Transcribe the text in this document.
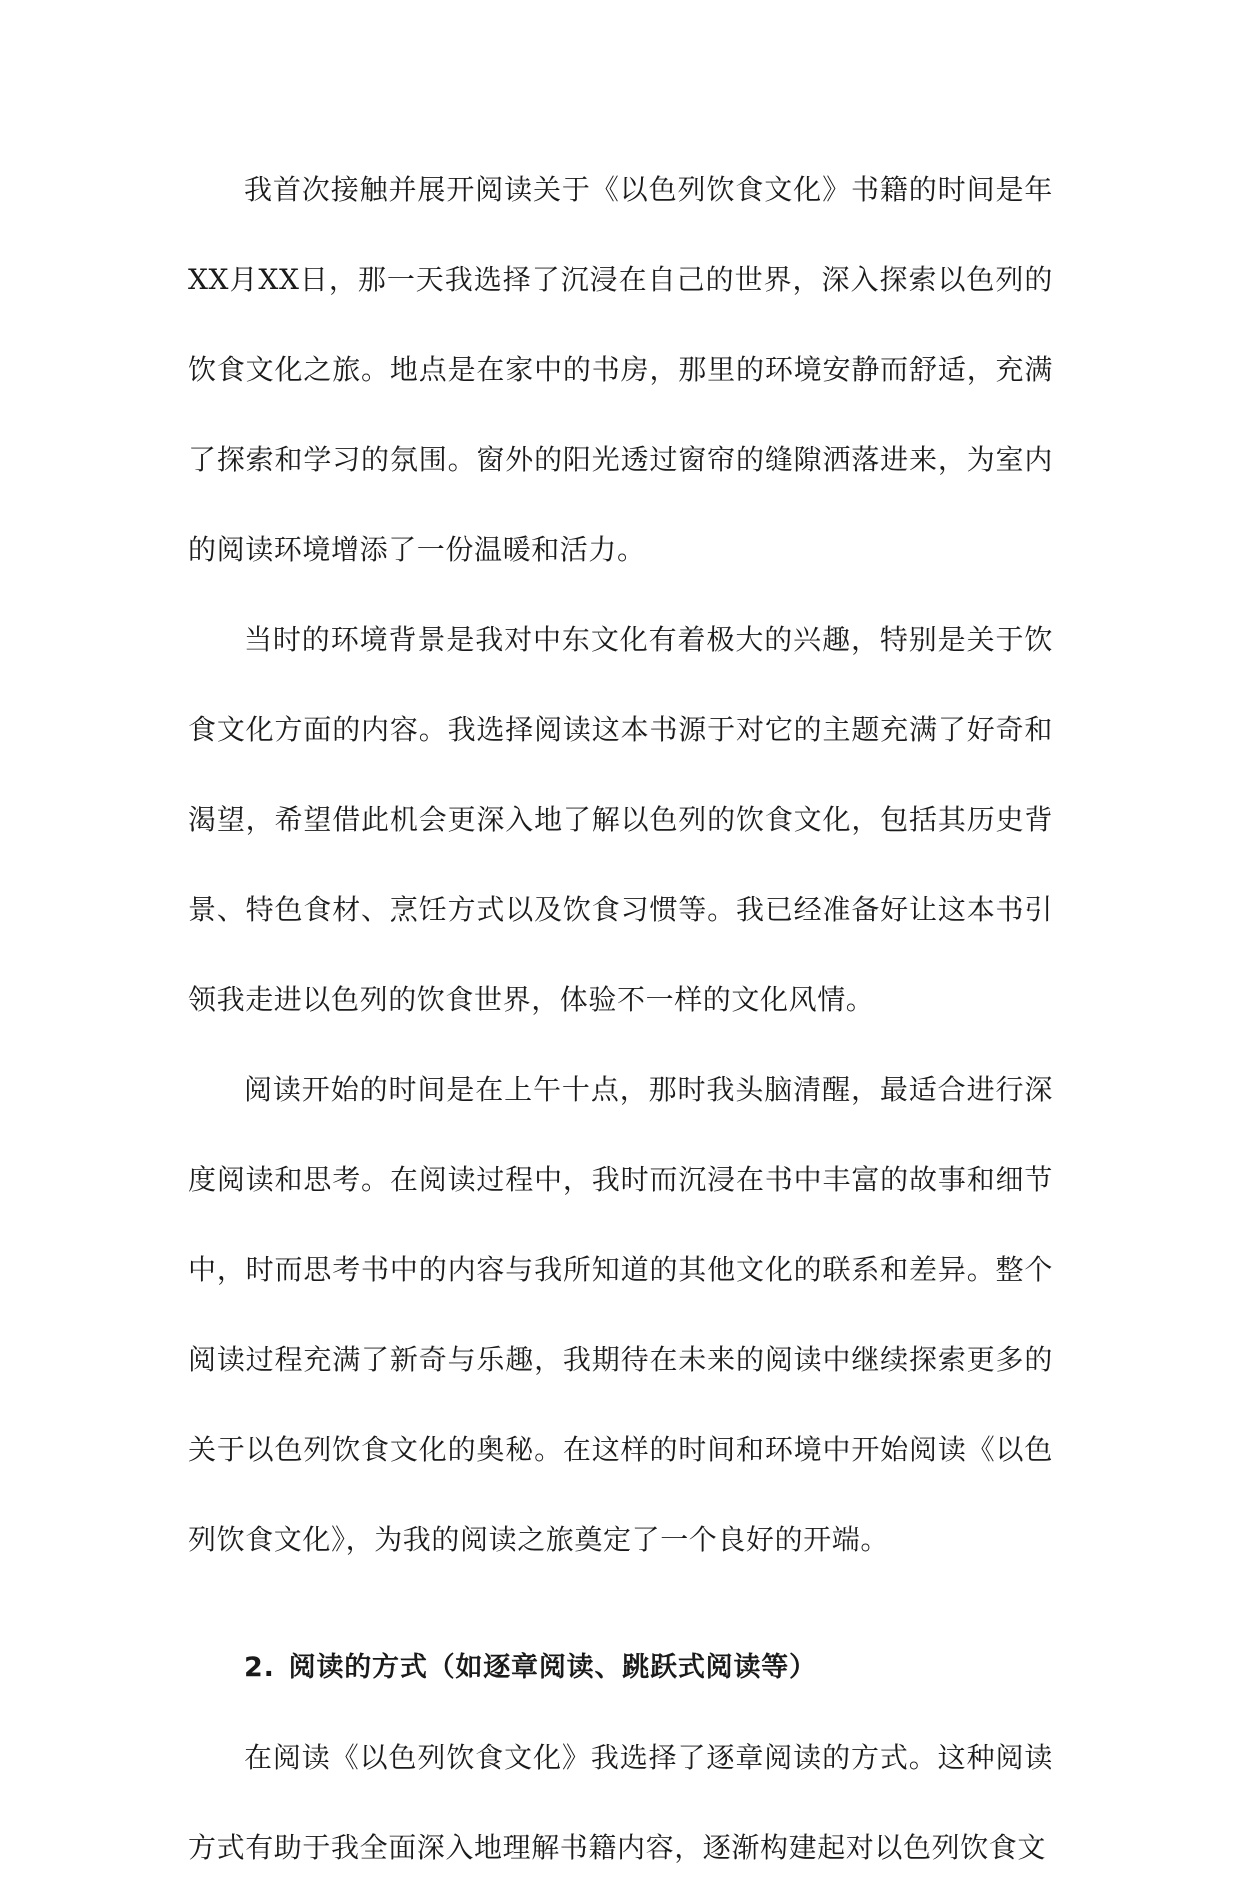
我首次接触并展开阅读关于《以色列饮食文化》书籍的时间是年XX月XX日，那一天我选择了沉浸在自己的世界，深入探索以色列的饮食文化之旅。地点是在家中的书房，那里的环境安静而舒适，充满了探索和学习的氛围。窗外的阳光透过窗帘的缝隙洒落进来，为室内的阅读环境增添了一份温暖和活力。

当时的环境背景是我对中东文化有着极大的兴趣，特别是关于饮食文化方面的内容。我选择阅读这本书源于对它的主题充满了好奇和渴望，希望借此机会更深入地了解以色列的饮食文化，包括其历史背景、特色食材、烹饪方式以及饮食习惯等。我已经准备好让这本书引领我走进以色列的饮食世界，体验不一样的文化风情。

阅读开始的时间是在上午十点，那时我头脑清醒，最适合进行深度阅读和思考。在阅读过程中，我时而沉浸在书中丰富的故事和细节中，时而思考书中的内容与我所知道的其他文化的联系和差异。整个阅读过程充满了新奇与乐趣，我期待在未来的阅读中继续探索更多的关于以色列饮食文化的奥秘。在这样的时间和环境中开始阅读《以色列饮食文化》，为我的阅读之旅奠定了一个良好的开端。

2. 阅读的方式（如逐章阅读、跳跃式阅读等）

在阅读《以色列饮食文化》我选择了逐章阅读的方式。这种阅读方式有助于我全面深入地理解书籍内容，逐渐构建起对以色列饮食文
